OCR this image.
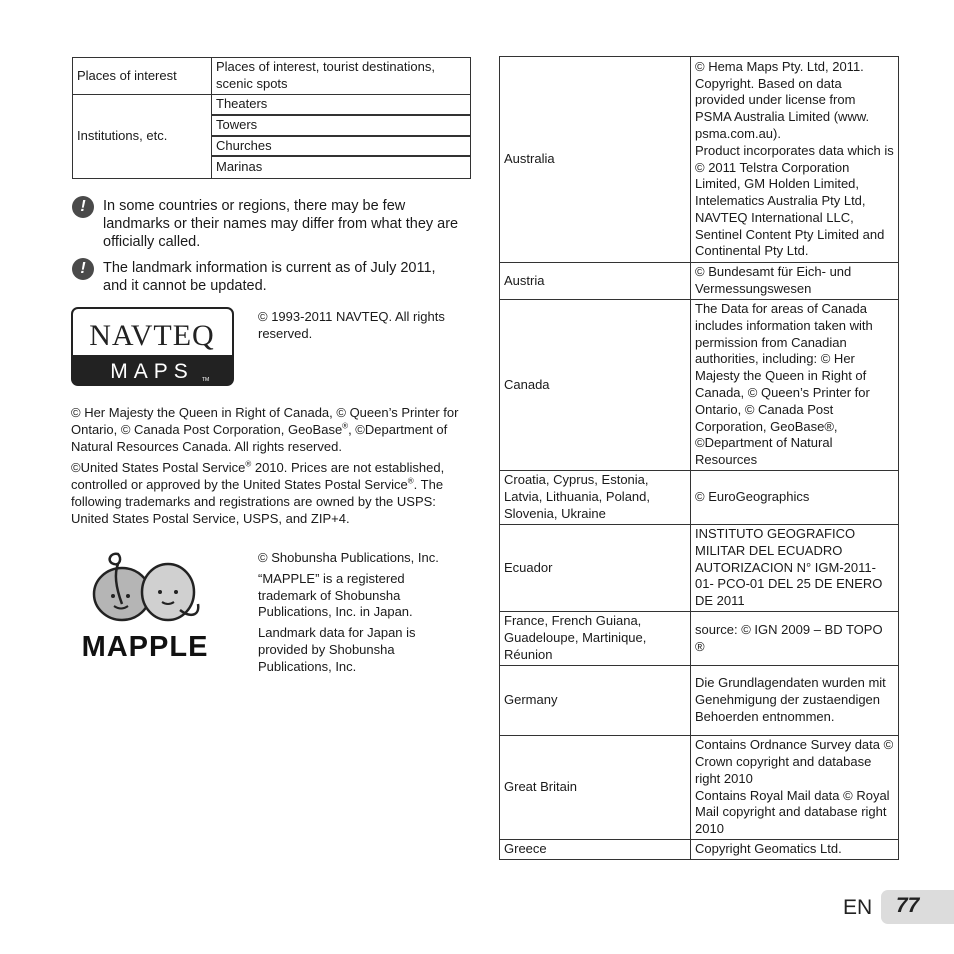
Places of interest	Places of interest, tourist destinations, scenic spots
Institutions, etc.	Theaters
	Towers
	Churches
	Marinas
!	In some countries or regions, there may be few landmarks or their names may differ from what they are officially called.
!	The landmark information is current as of July 2011, and it cannot be updated.
NAVTEQ
MAPS TM
© 1993-2011 NAVTEQ. All rights reserved.

© Her Majesty the Queen in Right of Canada, © Queen’s Printer for Ontario, © Canada Post Corporation, GeoBase®, ©Department of Natural Resources Canada. All rights reserved.

©United States Postal Service® 2010. Prices are not established, controlled or approved by the United States Postal Service®. The following trademarks and registrations are owned by the USPS: United States Postal Service, USPS, and ZIP+4.

MAPPLE

© Shobunsha Publications, Inc.

“MAPPLE” is a registered trademark of Shobunsha Publications, Inc. in Japan.

Landmark data for Japan is provided by Shobunsha Publications, Inc.

Australia	© Hema Maps Pty. Ltd, 2011. Copyright. Based on data provided under license from PSMA Australia Limited (www. psma.com.au).
Product incorporates data which is © 2011 Telstra Corporation Limited, GM Holden Limited, Intelematics Australia Pty Ltd, NAVTEQ International LLC, Sentinel Content Pty Limited and Continental Pty Ltd.

Austria	© Bundesamt für Eich- und Vermessungswesen
Canada	The Data for areas of Canada includes information taken with permission from Canadian authorities, including: © Her Majesty the Queen in Right of Canada, © Queen’s Printer for Ontario, © Canada Post Corporation, GeoBase®, ©Department of Natural Resources
Croatia, Cyprus, Estonia, Latvia, Lithuania, Poland, Slovenia, Ukraine	© EuroGeographics
Ecuador	INSTITUTO GEOGRAFICO MILITAR DEL ECUADRO AUTORIZACION N° IGM-2011-01- PCO-01 DEL 25 DE ENERO DE 2011
France, French Guiana, Guadeloupe, Martinique, Réunion	source: © IGN 2009 – BD TOPO ®
Germany	Die Grundlagendaten wurden mit Genehmigung der zustaendigen Behoerden entnommen.
Great Britain	Contains Ordnance Survey data © Crown copyright and database right 2010
Contains Royal Mail data © Royal Mail copyright and database right 2010

Greece	Copyright Geomatics Ltd.
EN 77
